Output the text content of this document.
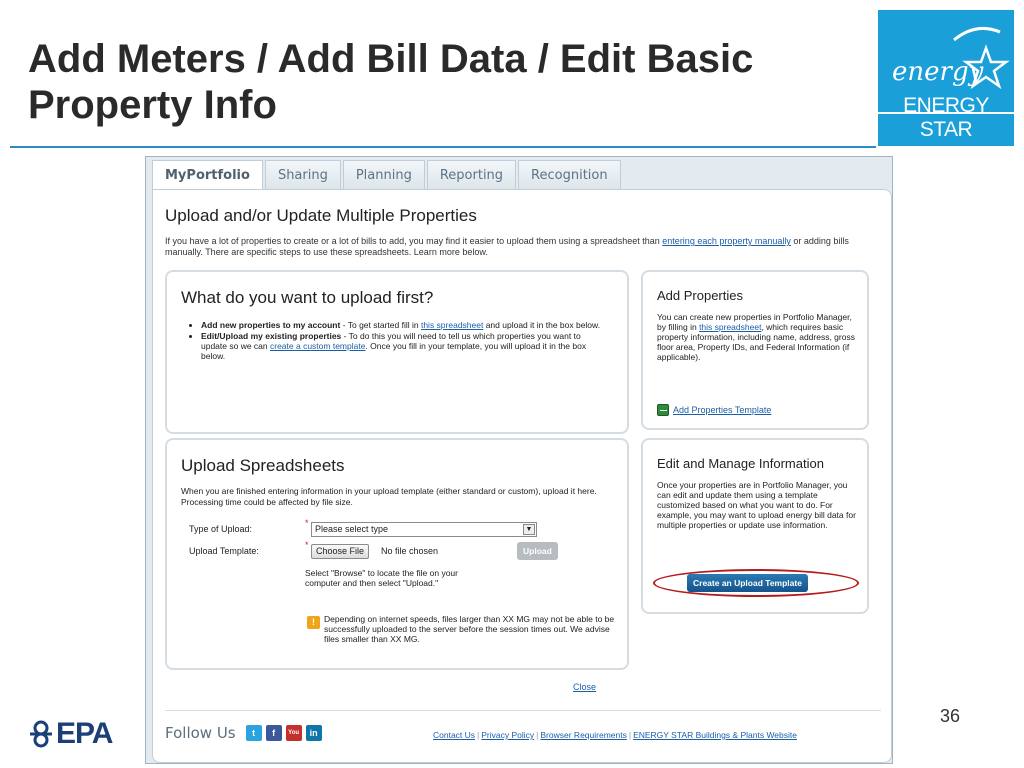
Add Meters / Add Bill Data / Edit Basic
Property Info
energy
ENERGY STAR
EPA
36
MyPortfolio	Sharing	Planning	Reporting	Recognition
Upload and/or Update Multiple Properties
If you have a lot of properties to create or a lot of bills to add, you may find it easier to upload them using a spreadsheet than entering each property manually or adding bills manually. There are specific steps to use these spreadsheets. Learn more below.
What do you want to upload first?
• Add new properties to my account - To get started fill in this spreadsheet and upload it in the box below.
• Edit/Upload my existing properties - To do this you will need to tell us which properties you want to update so we can create a custom template. Once you fill in your template, you will upload it in the box below.
Add Properties
You can create new properties in Portfolio Manager, by filling in this spreadsheet, which requires basic property information, including name, address, gross floor area, Property IDs, and Federal Information (if applicable).
Add Properties Template
Upload Spreadsheets
When you are finished entering information in your upload template (either standard or custom), upload it here. Processing time could be affected by file size.
Type of Upload:
*
Please select type	▼
Upload Template:
*
Choose File	No file chosen	Upload
Select "Browse" to locate the file on your computer and then select "Upload."
!	Depending on internet speeds, files larger than XX MG may not be able to be successfully uploaded to the server before the session times out. We advise files smaller than XX MG.
Edit and Manage Information
Once your properties are in Portfolio Manager, you can edit and update them using a template customized based on what you want to do. For example, you may want to upload energy bill data for multiple properties or update use information.
Create an Upload Template
Close
Follow Us	t	f	You Tube
in	Contact Us | Privacy Policy | Browser Requirements | ENERGY STAR Buildings & Plants Website
